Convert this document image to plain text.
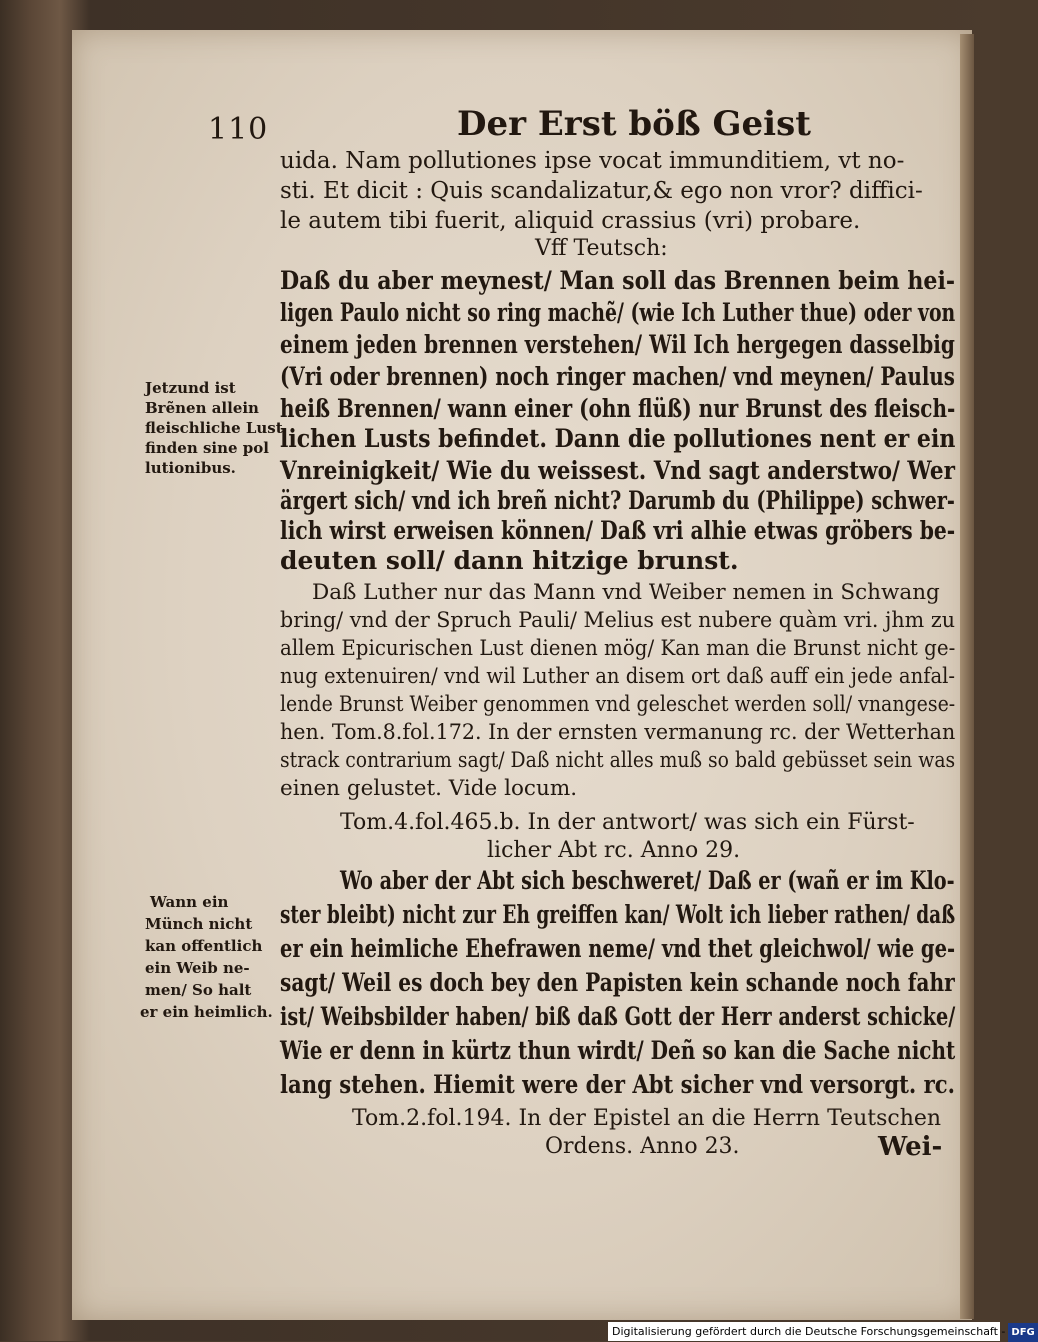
110	Der Erst böß Geist
uida. Nam pollutiones ipse vocat immunditiem, vt no-
sti. Et dicit : Quis scandalizatur,& ego non vror? diffici-
le autem tibi fuerit, aliquid crassius (vri) probare.
Vff Teutsch:
Daß du aber meynest/ Man soll das Brennen beim hei-
ligen Paulo nicht so ring machẽ/ (wie Ich Luther thue) oder von
einem jeden brennen verstehen/ Wil Ich hergegen dasselbig
(Vri oder brennen) noch ringer machen/ vnd meynen/ Paulus
heiß Brennen/ wann einer (ohn flüß) nur Brunst des fleisch-
lichen Lusts befindet. Dann die pollutiones nent er ein
Vnreinigkeit/ Wie du weissest. Vnd sagt anderstwo/ Wer
ärgert sich/ vnd ich breñ nicht? Darumb du (Philippe) schwer-
lich wirst erweisen können/ Daß vri alhie etwas gröbers be-
deuten soll/ dann hitzige brunst.
Daß Luther nur das Mann vnd Weiber nemen in Schwang
bring/ vnd der Spruch Pauli/ Melius est nubere quàm vri. jhm zu
allem Epicurischen Lust dienen mög/ Kan man die Brunst nicht ge-
nug extenuiren/ vnd wil Luther an disem ort daß auff ein jede anfal-
lende Brunst Weiber genommen vnd geleschet werden soll/ vnangese-
hen. Tom.8.fol.172. In der ernsten vermanung rc. der Wetterhan
strack contrarium sagt/ Daß nicht alles muß so bald gebüsset sein was
einen gelustet. Vide locum.
Tom.4.fol.465.b. In der antwort/ was sich ein Fürst-
licher Abt rc. Anno 29.
Wo aber der Abt sich beschweret/ Daß er (wañ er im Klo-
ster bleibt) nicht zur Eh greiffen kan/ Wolt ich lieber rathen/ daß
er ein heimliche Ehefrawen neme/ vnd thet gleichwol/ wie ge-
sagt/ Weil es doch bey den Papisten kein schande noch fahr
ist/ Weibsbilder haben/ biß daß Gott der Herr anderst schicke/
Wie er denn in kürtz thun wirdt/ Deñ so kan die Sache nicht
lang stehen. Hiemit were der Abt sicher vnd versorgt. rc.
Tom.2.fol.194. In der Epistel an die Herrn Teutschen
Ordens. Anno 23.	Wei-
Jetzund ist
Brẽnen allein
fleischliche Lust
finden sine pol
lutionibus.
Wann ein
Münch nicht
kan offentlich
ein Weib ne-
men/ So halt
er ein heimlich.
Digitalisierung gefördert durch die Deutsche Forschungsgemeinschaft - DFG
